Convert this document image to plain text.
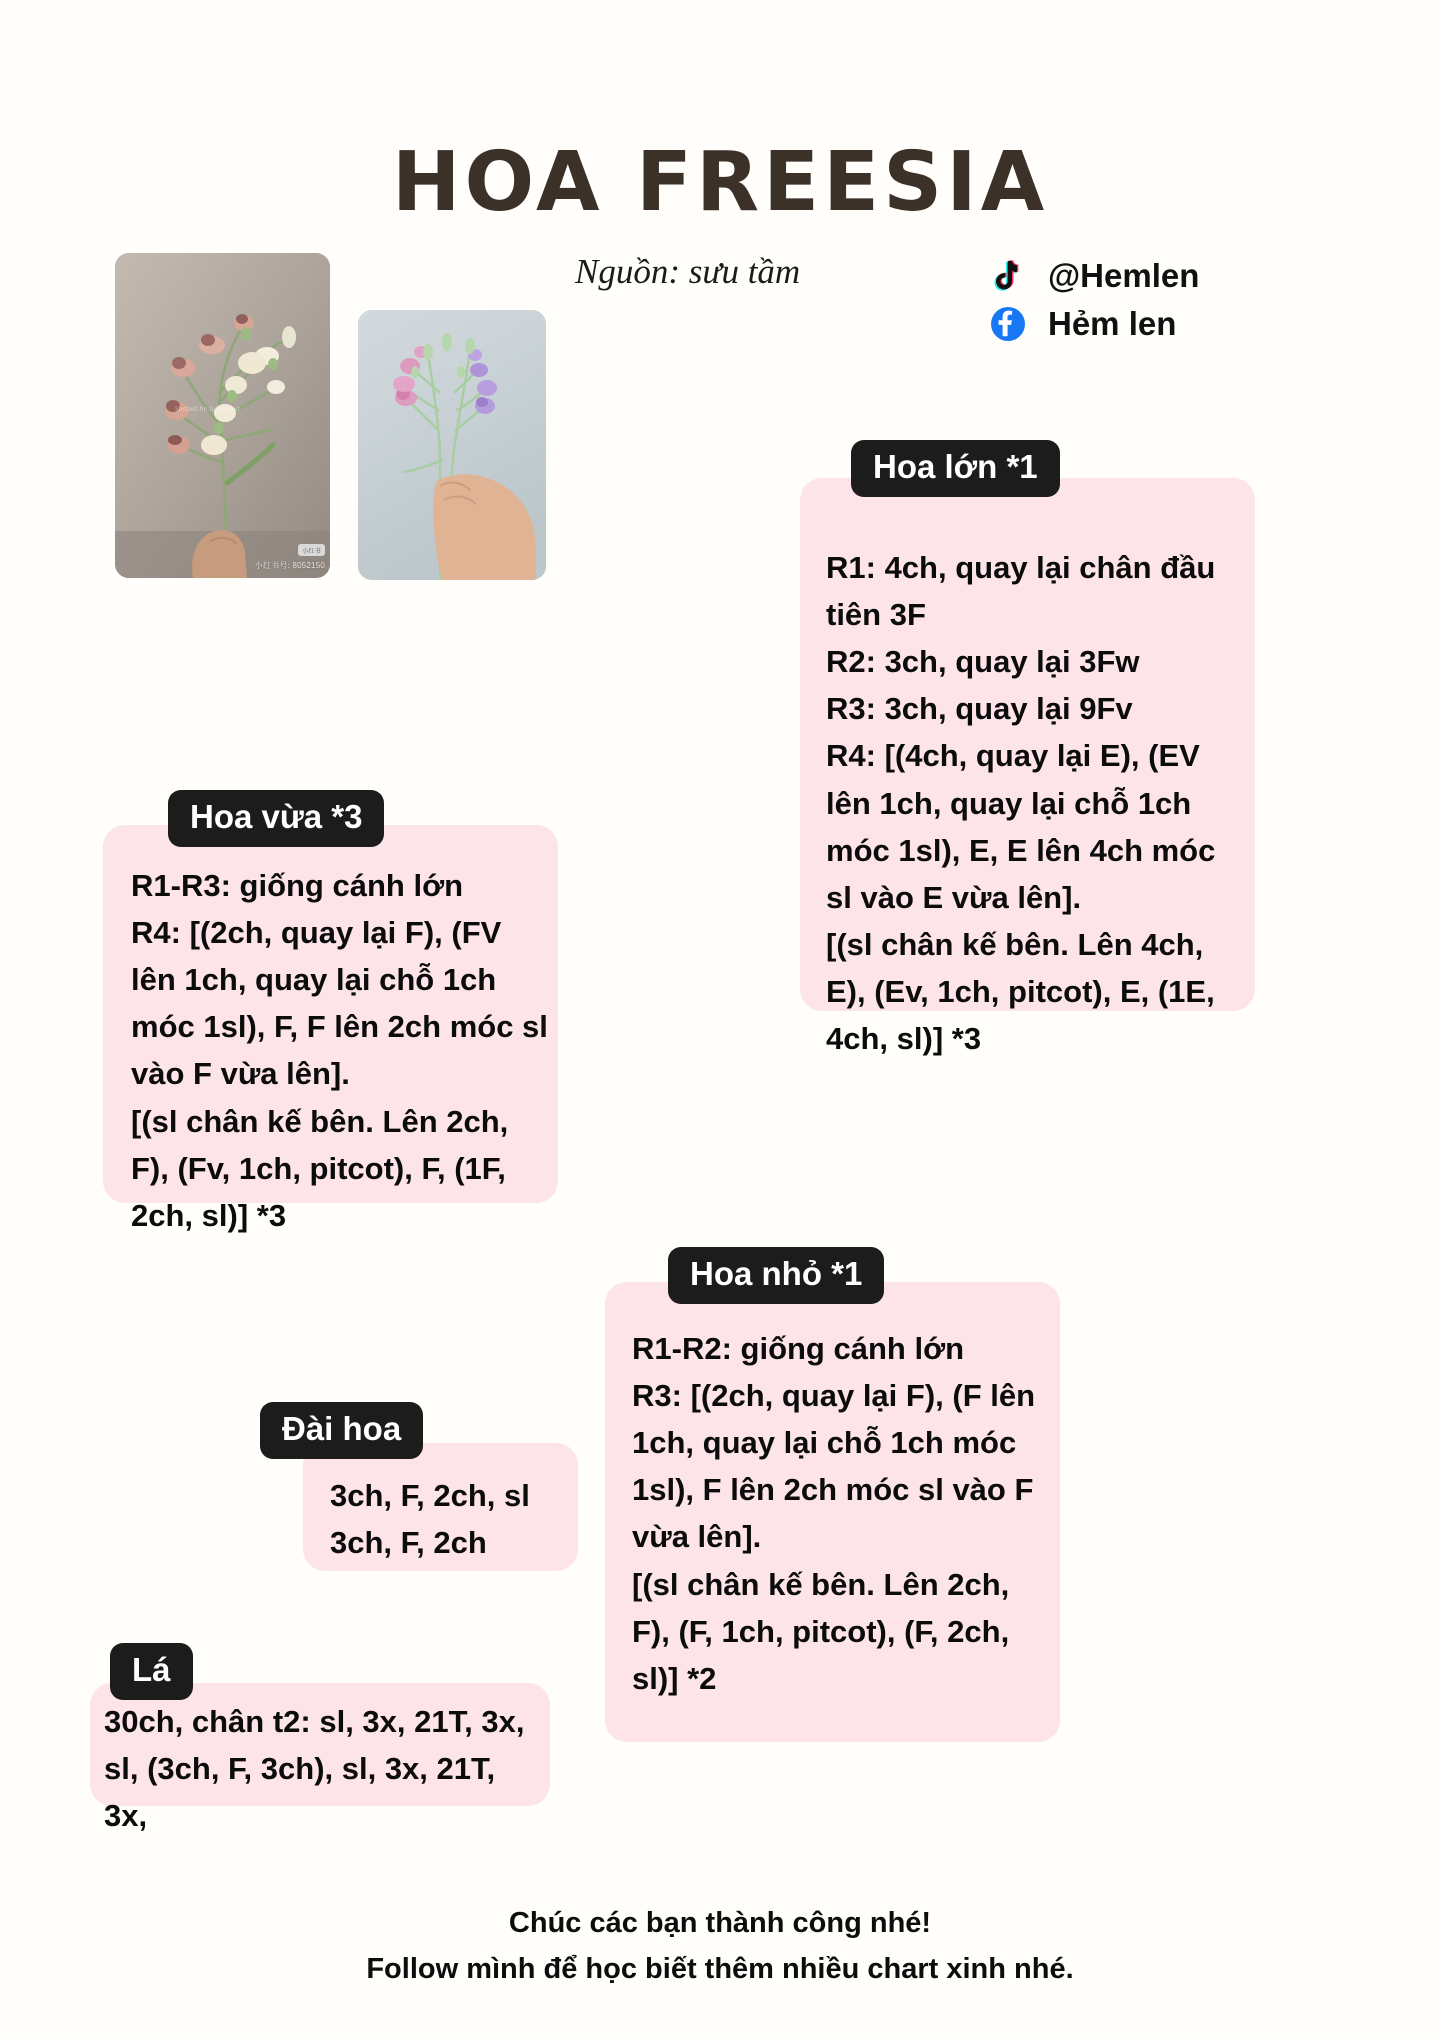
HOA FREESIA
Nguồn: sưu tầm	@Hemlen
Hẻm len
Shotwtl.fm.tu.crochet
小红书
小红书号: 8052150
Hoa lớn *1
R1: 4ch, quay lại chân đầu tiên 3F
R2: 3ch, quay lại 3Fw
R3: 3ch, quay lại 9Fv
R4: [(4ch, quay lại E), (EV lên 1ch, quay lại chỗ 1ch móc 1sl), E, E lên 4ch móc sl vào E vừa lên].
[(sl chân kế bên. Lên 4ch, E), (Ev, 1ch, pitcot), E, (1E, 4ch, sl)] *3
Hoa vừa *3
R1-R3: giống cánh lớn
R4: [(2ch, quay lại F), (FV lên 1ch, quay lại chỗ 1ch móc 1sl), F, F lên 2ch móc sl vào F vừa lên].
[(sl chân kế bên. Lên 2ch, F), (Fv, 1ch, pitcot), F, (1F, 2ch, sl)] *3
Hoa nhỏ *1
R1-R2: giống cánh lớn
R3: [(2ch, quay lại F), (F lên 1ch, quay lại chỗ 1ch móc 1sl), F lên 2ch móc sl vào F vừa lên].
[(sl chân kế bên. Lên 2ch, F), (F, 1ch, pitcot), (F, 2ch, sl)] *2
Đài hoa
3ch, F, 2ch, sl
3ch, F, 2ch
Lá
30ch, chân t2: sl, 3x, 21T, 3x, sl, (3ch, F, 3ch), sl, 3x, 21T, 3x,
Chúc các bạn thành công nhé!
Follow mình để học biết thêm nhiều chart xinh nhé.
